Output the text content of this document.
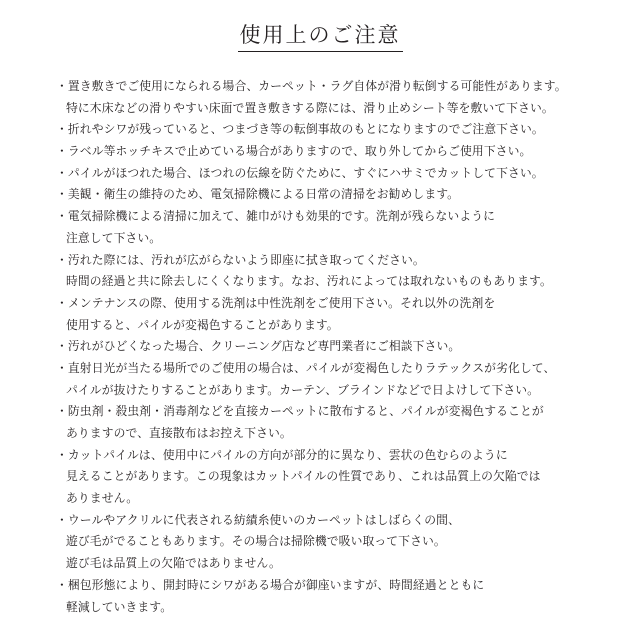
使用上のご注意
・置き敷きでご使用になられる場合、カーペット・ラグ自体が滑り転倒する可能性があります。
特に木床などの滑りやすい床面で置き敷きする際には、滑り止めシート等を敷いて下さい。
・折れやシワが残っていると、つまづき等の転倒事故のもとになりますのでご注意下さい。
・ラベル等ホッチキスで止めている場合がありますので、取り外してからご使用下さい。
・パイルがほつれた場合、ほつれの伝線を防ぐために、すぐにハサミでカットして下さい。
・美観・衛生の維持のため、電気掃除機による日常の清掃をお勧めします。
・電気掃除機による清掃に加えて、雑巾がけも効果的です。洗剤が残らないように
注意して下さい。
・汚れた際には、汚れが広がらないよう即座に拭き取ってください。
時間の経過と共に除去しにくくなります。なお、汚れによっては取れないものもあります。
・メンテナンスの際、使用する洗剤は中性洗剤をご使用下さい。それ以外の洗剤を
使用すると、パイルが変褐色することがあります。
・汚れがひどくなった場合、クリーニング店など専門業者にご相談下さい。
・直射日光が当たる場所でのご使用の場合は、パイルが変褐色したりラテックスが劣化して、
パイルが抜けたりすることがあります。カーテン、ブラインドなどで日よけして下さい。
・防虫剤・殺虫剤・消毒剤などを直接カーペットに散布すると、パイルが変褐色することが
ありますので、直接散布はお控え下さい。
・カットパイルは、使用中にパイルの方向が部分的に異なり、雲状の色むらのように
見えることがあります。この現象はカットパイルの性質であり、これは品質上の欠陥では
ありません。
・ウールやアクリルに代表される紡績糸使いのカーペットはしばらくの間、
遊び毛がでることもあります。その場合は掃除機で吸い取って下さい。
遊び毛は品質上の欠陥ではありません。
・梱包形態により、開封時にシワがある場合が御座いますが、時間経過とともに
軽減していきます。
